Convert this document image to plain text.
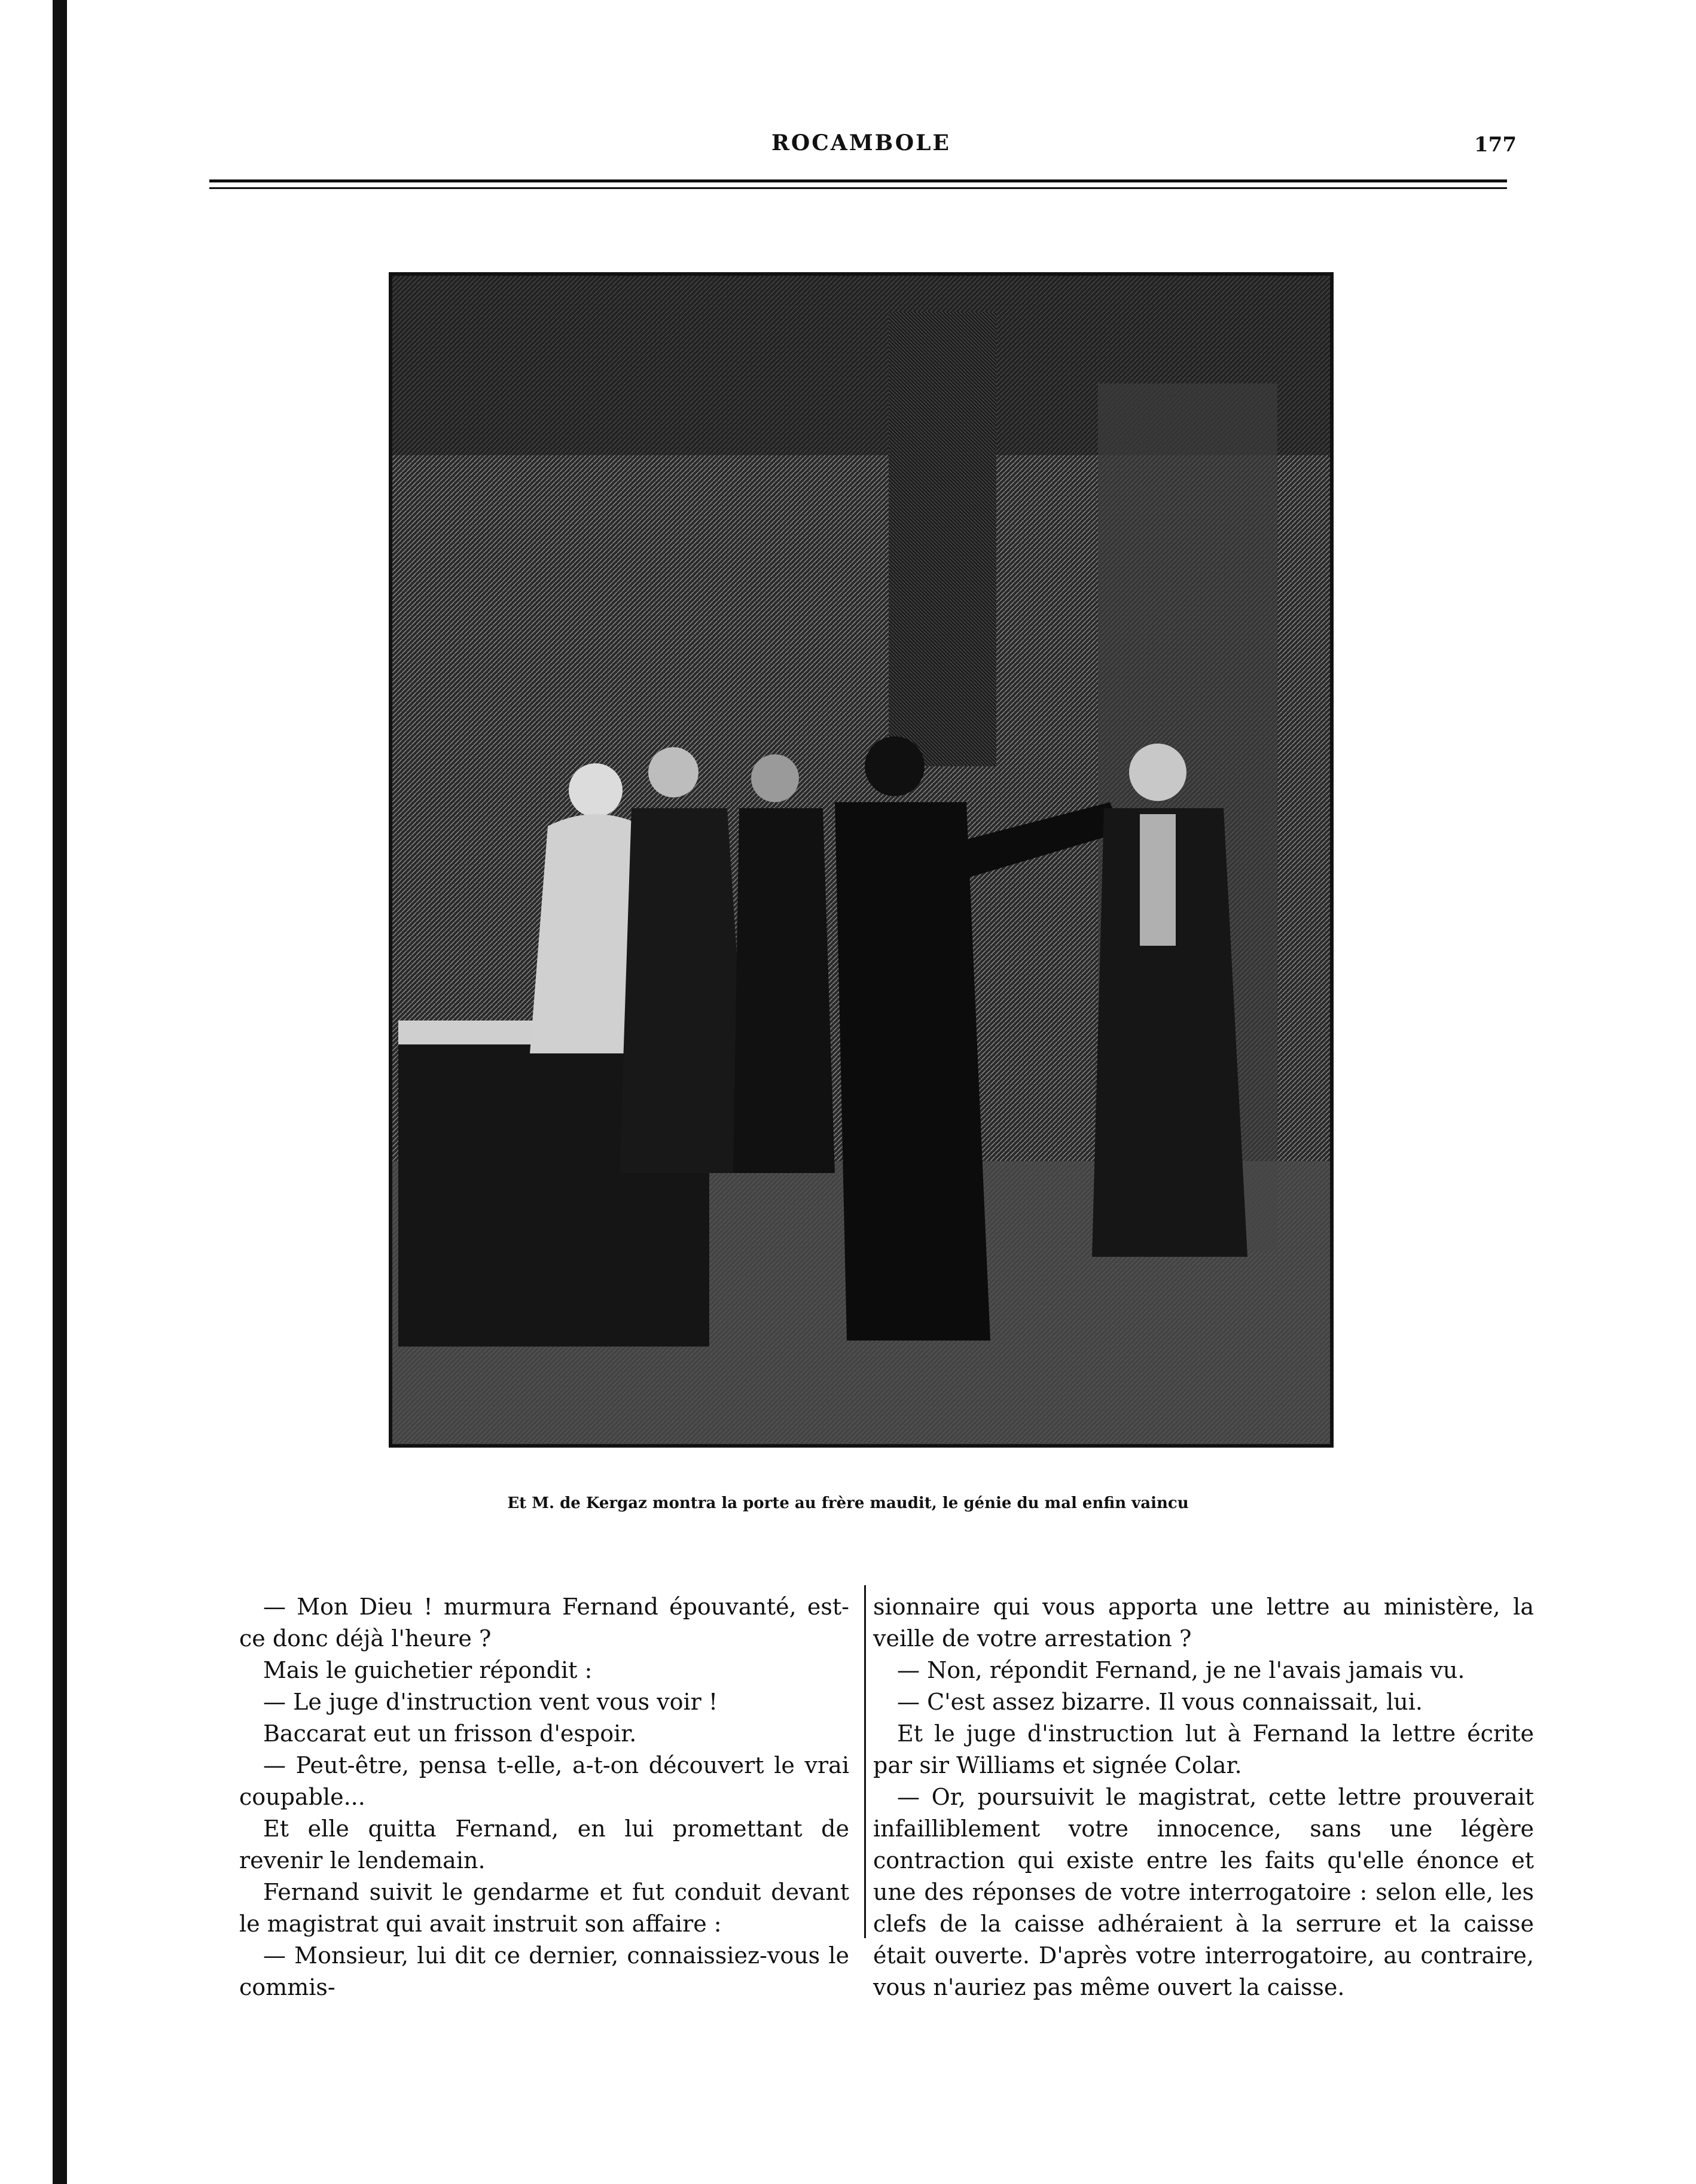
ROCAMBOLE	177
Et M. de Kergaz montra la porte au frère maudit, le génie du mal enfin vaincu

— Mon Dieu ! murmura Fernand épouvanté, est-ce donc déjà l'heure ?

Mais le guichetier répondit :

— Le juge d'instruction vent vous voir !

Baccarat eut un frisson d'espoir.

— Peut-être, pensa t-elle, a-t-on découvert le vrai coupable...

Et elle quitta Fernand, en lui promettant de revenir le lendemain.

Fernand suivit le gendarme et fut conduit devant le magistrat qui avait instruit son affaire :

— Monsieur, lui dit ce dernier, connaissiez-vous le commis-

sionnaire qui vous apporta une lettre au ministère, la veille de votre arrestation ?

— Non, répondit Fernand, je ne l'avais jamais vu.

— C'est assez bizarre. Il vous connaissait, lui.

Et le juge d'instruction lut à Fernand la lettre écrite par sir Williams et signée Colar.

— Or, poursuivit le magistrat, cette lettre prouverait infailliblement votre innocence, sans une légère contraction qui existe entre les faits qu'elle énonce et une des réponses de votre interrogatoire : selon elle, les clefs de la caisse adhéraient à la serrure et la caisse était ouverte. D'après votre interrogatoire, au contraire, vous n'auriez pas même ouvert la caisse.
